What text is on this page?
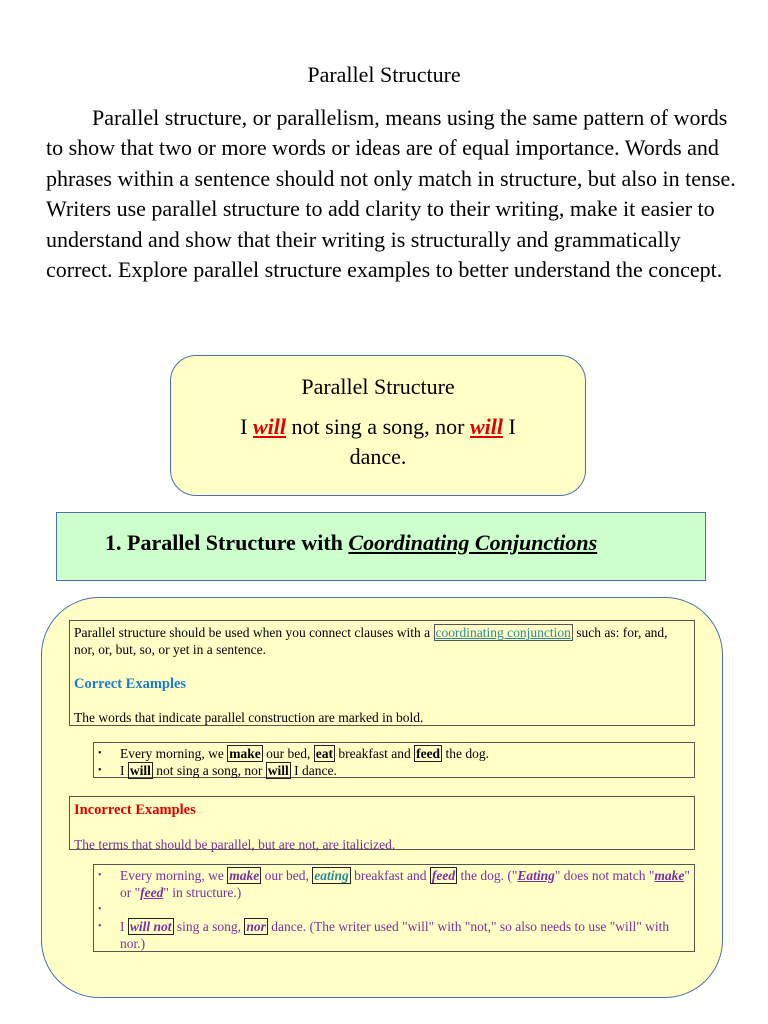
Parallel Structure
Parallel structure, or parallelism, means using the same pattern of words to show that two or more words or ideas are of equal importance. Words and phrases within a sentence should not only match in structure, but also in tense. Writers use parallel structure to add clarity to their writing, make it easier to understand and show that their writing is structurally and grammatically correct. Explore parallel structure examples to better understand the concept.
Parallel Structure
I will not sing a song, nor will I dance.
1. Parallel Structure with Coordinating Conjunctions

Parallel structure should be used when you connect clauses with a coordinating conjunction such as: for, and, nor, or, but, so, or yet in a sentence.

Correct Examples

The words that indicate parallel construction are marked in bold.

• Every morning, we make our bed, eat breakfast and feed the dog.
• I will not sing a song, nor will I dance.

Incorrect Examples

The terms that should be parallel, but are not, are italicized.

• Every morning, we make our bed, eating breakfast and feed the dog. ("Eating" does not match "make" or "feed" in structure.)
•
• I will not sing a song, nor dance. (The writer used "will" with "not," so also needs to use "will" with nor.)
